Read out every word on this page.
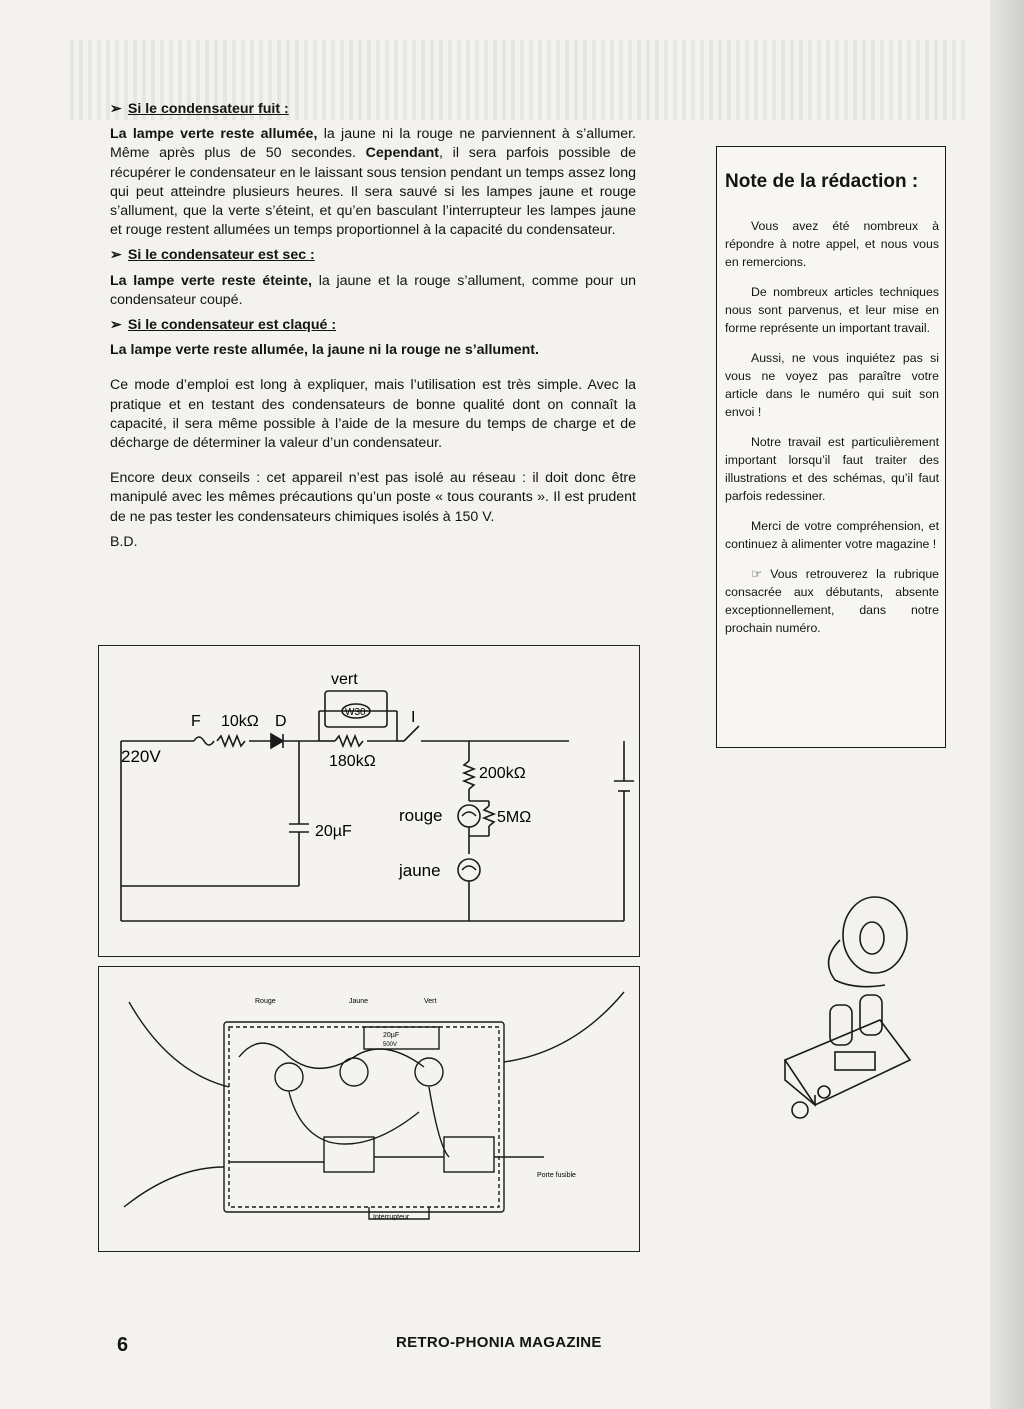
➢ Si le condensateur fuit :

La lampe verte reste allumée, la jaune ni la rouge ne parviennent à s’allumer. Même après plus de 50 secondes. Cependant, il sera parfois possible de récupérer le condensateur en le laissant sous tension pendant un temps assez long qui peut atteindre plusieurs heures. Il sera sauvé si les lampes jaune et rouge s’allument, que la verte s’éteint, et qu’en basculant l’interrupteur les lampes jaune et rouge restent allumées un temps proportionnel à la capacité du condensateur.

➢ Si le condensateur est sec :

La lampe verte reste éteinte, la jaune et la rouge s’allument, comme pour un condensateur coupé.

➢ Si le condensateur est claqué :

La lampe verte reste allumée, la jaune ni la rouge ne s’allument.

Ce mode d’emploi est long à expliquer, mais l’utilisation est très simple. Avec la pratique et en testant des condensateurs de bonne qualité dont on connaît la capacité, il sera même possible à l’aide de la mesure du temps de charge et de décharge de déterminer la valeur d’un condensateur.

Encore deux conseils : cet appareil n’est pas isolé au réseau : il doit donc être manipulé avec les mêmes précautions qu’un poste « tous courants ». Il est prudent de ne pas tester les condensateurs chimiques isolés à 150 V.

B.D.

Note de la rédaction :

Vous avez été nombreux à répondre à notre appel, et nous vous en remercions.

De nombreux articles techniques nous sont parvenus, et leur mise en forme représente un important travail.

Aussi, ne vous inquiétez pas si vous ne voyez pas paraître votre article dans le numéro qui suit son envoi !

Notre travail est particulièrement important lorsqu’il faut traiter des illustrations et des schémas, qu’il faut parfois redessiner.

Merci de votre compréhension, et continuez à alimenter votre magazine !

☞ Vous retrouverez la rubrique consacrée aux débutants, absente exceptionnellement, dans notre prochain numéro.

220V
F 10kΩ D
vert
W30
180kΩ
I
200kΩ
5MΩ
20µF
rouge
jaune
Rouge	Jaune	Vert
20µF
500V
Porte fusible
Interrupteur
6	RETRO-PHONIA MAGAZINE
